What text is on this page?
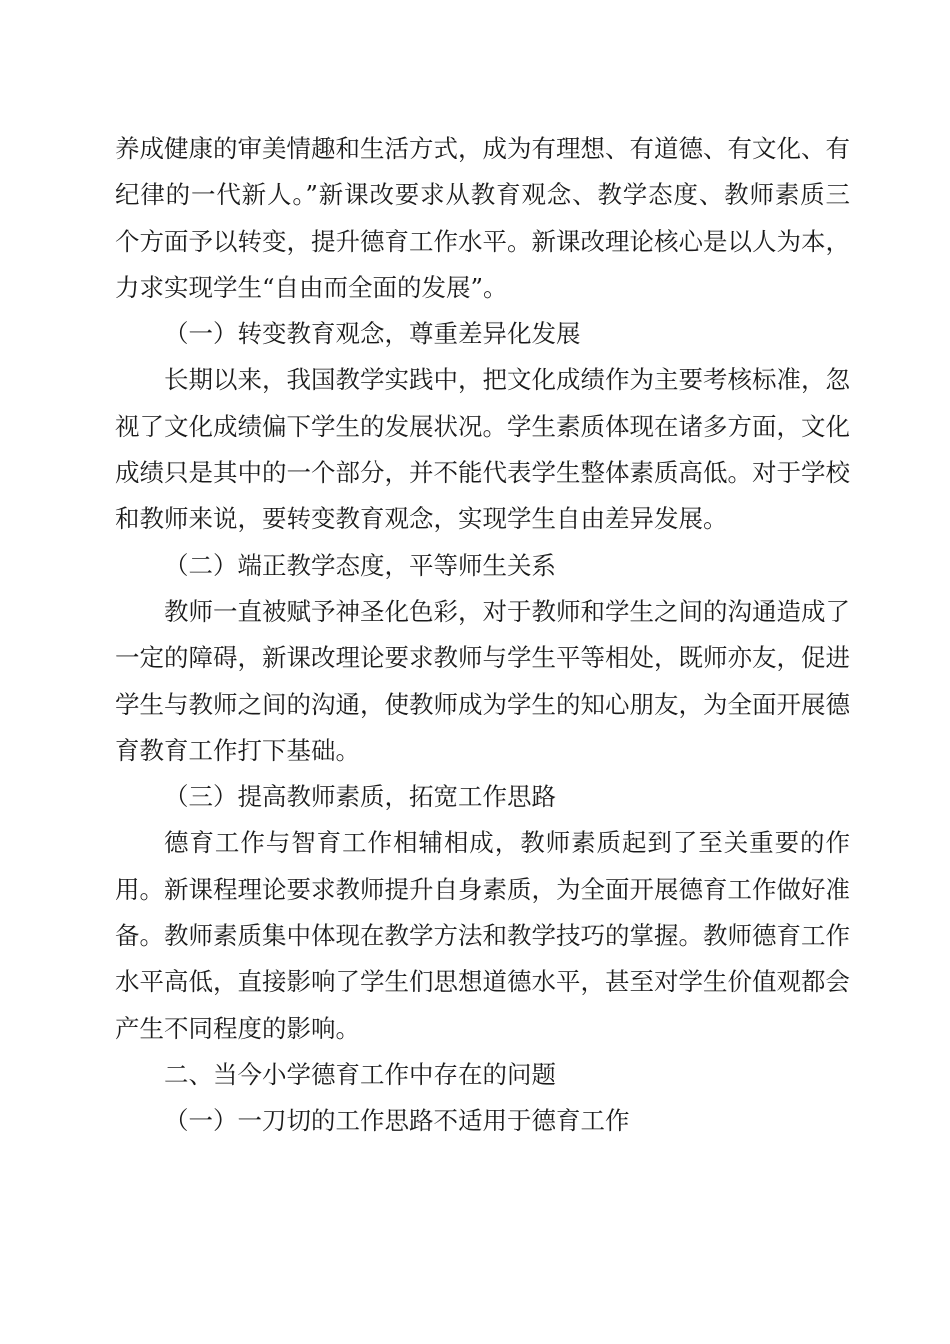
养成健康的审美情趣和生活方式，成为有理想、有道德、有文化、有纪律的一代新人。”新课改要求从教育观念、教学态度、教师素质三个方面予以转变，提升德育工作水平。新课改理论核心是以人为本，力求实现学生“自由而全面的发展”。

（一）转变教育观念，尊重差异化发展

长期以来，我国教学实践中，把文化成绩作为主要考核标准，忽视了文化成绩偏下学生的发展状况。学生素质体现在诸多方面，文化成绩只是其中的一个部分，并不能代表学生整体素质高低。对于学校和教师来说，要转变教育观念，实现学生自由差异发展。

（二）端正教学态度，平等师生关系

教师一直被赋予神圣化色彩，对于教师和学生之间的沟通造成了一定的障碍，新课改理论要求教师与学生平等相处，既师亦友，促进学生与教师之间的沟通，使教师成为学生的知心朋友，为全面开展德育教育工作打下基础。

（三）提高教师素质，拓宽工作思路

德育工作与智育工作相辅相成，教师素质起到了至关重要的作用。新课程理论要求教师提升自身素质，为全面开展德育工作做好准备。教师素质集中体现在教学方法和教学技巧的掌握。教师德育工作水平高低，直接影响了学生们思想道德水平，甚至对学生价值观都会产生不同程度的影响。

二、当今小学德育工作中存在的问题

（一）一刀切的工作思路不适用于德育工作
